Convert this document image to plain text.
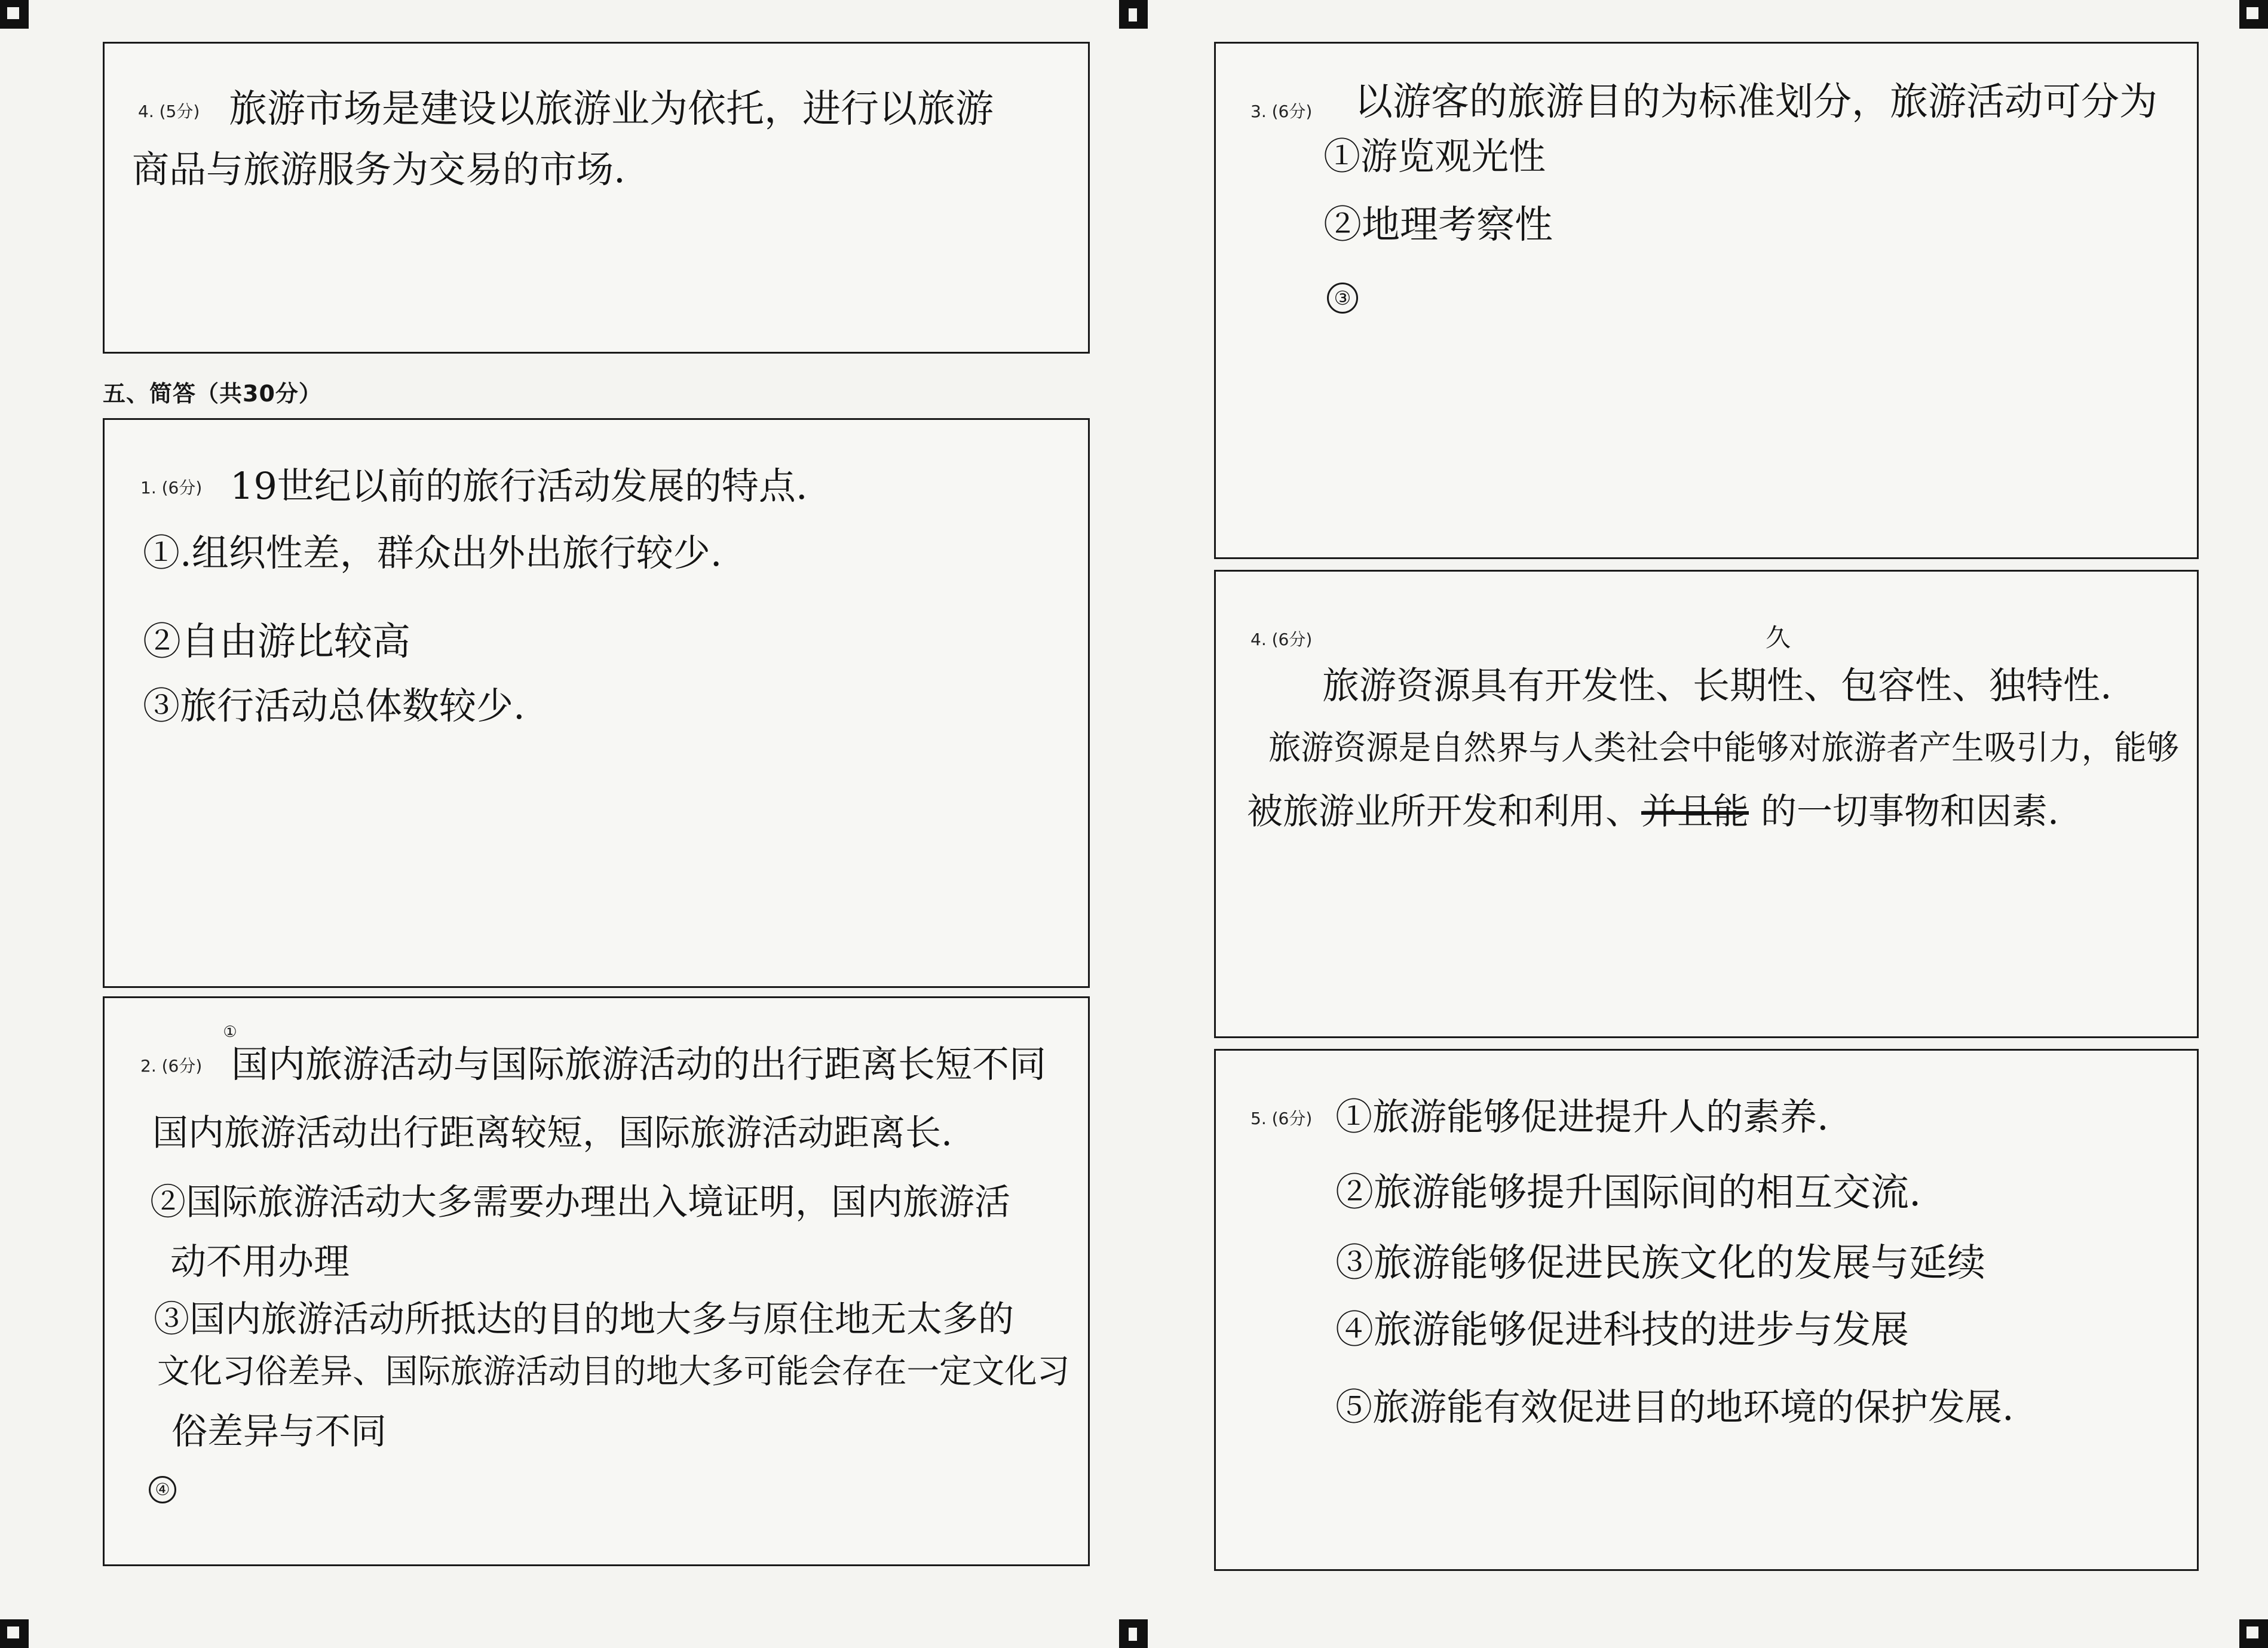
4. (5分) 旅游市场是建设以旅游业为依托，进行以旅游
商品与旅游服务为交易的市场.
五、简答（共30分）
1. (6分) 19世纪以前的旅行活动发展的特点.
①.组织性差，群众出外出旅行较少.
②自由游比较高
③旅行活动总体数较少.
2. (6分)
①
国内旅游活动与国际旅游活动的出行距离长短不同
国内旅游活动出行距离较短，国际旅游活动距离长.
②国际旅游活动大多需要办理出入境证明，国内旅游活
动不用办理
③国内旅游活动所抵达的目的地大多与原住地无太多的
文化习俗差异、国际旅游活动目的地大多可能会存在一定文化习
俗差异与不同
④
3. (6分) 以游客的旅游目的为标准划分，旅游活动可分为
①游览观光性
②地理考察性
③
4. (6分)	久
旅游资源具有开发性、长期性、包容性、独特性.
旅游资源是自然界与人类社会中能够对旅游者产生吸引力，能够
被旅游业所开发和利用、并且能 的一切事物和因素.
5. (6分) ①旅游能够促进提升人的素养.
②旅游能够提升国际间的相互交流.
③旅游能够促进民族文化的发展与延续
④旅游能够促进科技的进步与发展
⑤旅游能有效促进目的地环境的保护发展.
